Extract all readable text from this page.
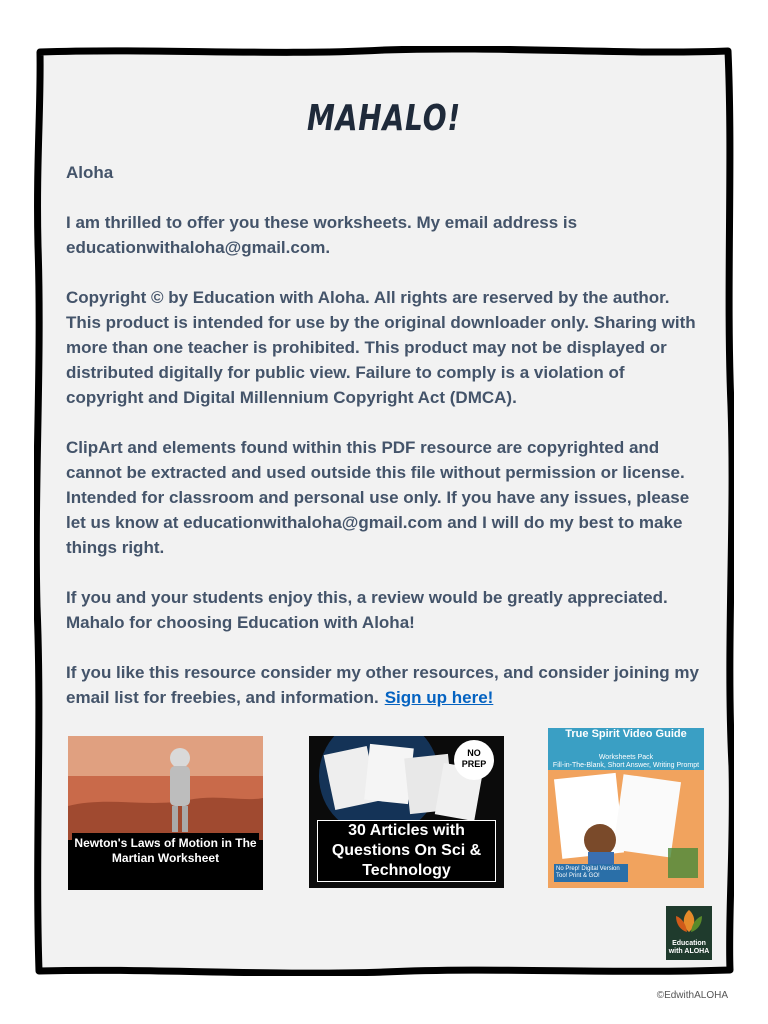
MAHALO!

Aloha

I am thrilled to offer you these worksheets. My email address is educationwithaloha@gmail.com.

Copyright © by Education with Aloha. All rights are reserved by the author. This product is intended for use by the original downloader only. Sharing with more than one teacher is prohibited. This product may not be displayed or distributed digitally for public view. Failure to comply is a violation of copyright and Digital Millennium Copyright Act (DMCA).

ClipArt and elements found within this PDF resource are copyrighted and cannot be extracted and used outside this file without permission or license. Intended for classroom and personal use only. If you have any issues, please let us know at educationwithaloha@gmail.com and I will do my best to make things right.

If you and your students enjoy this, a review would be greatly appreciated. Mahalo for choosing Education with Aloha!

If you like this resource consider my other resources, and consider joining my email list for freebies, and information. Sign up here!

Newton's Laws of Motion in The Martian Worksheet
NO PREP
30 Articles with Questions On Sci & Technology
True Spirit Video Guide
Worksheets Pack
Fill-in-The-Blank, Short Answer, Writing Prompt
No Prep! Digital Version Too! Print & GO!
Education with ALOHA
©EdwithALOHA
